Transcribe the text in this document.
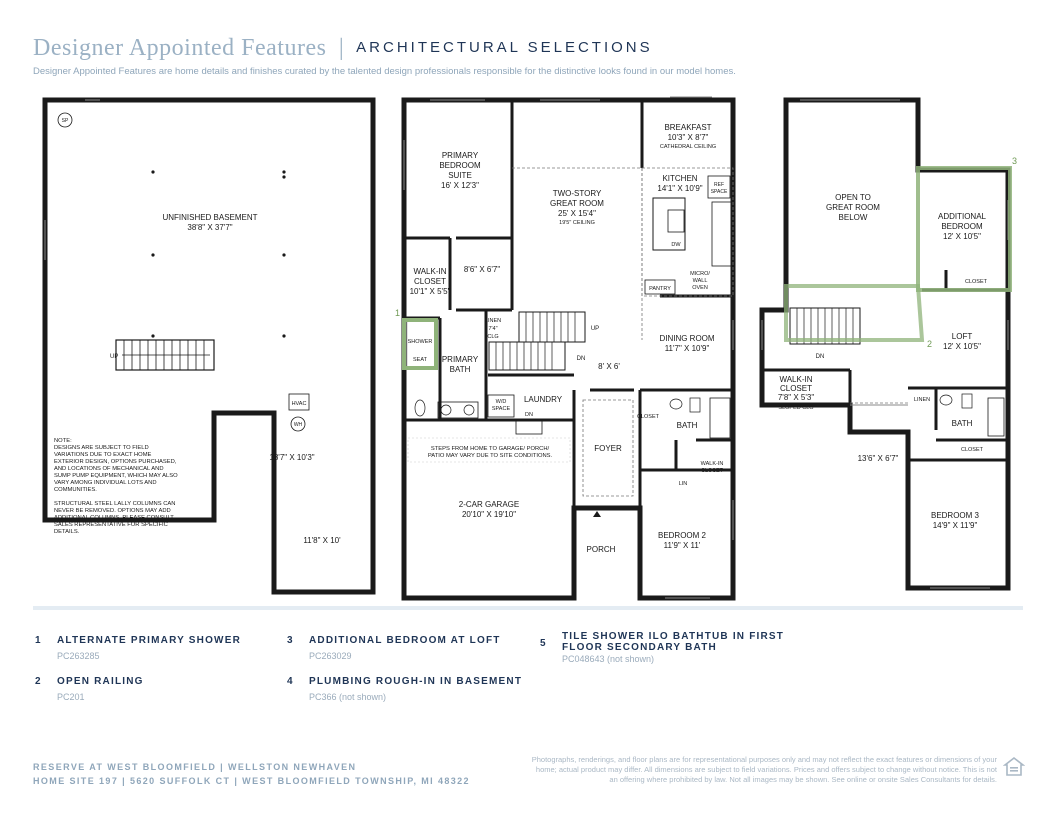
Designer Appointed Features | ARCHITECTURAL SELECTIONS
Designer Appointed Features are home details and finishes curated by the talented design professionals responsible for the distinctive looks found in our model homes.
SP
UNFINISHED BASEMENT
38'8" X 37'7"
UP
HVAC
WH
18'7" X 10'3"
11'8" X 10'
NOTE:
DESIGNS ARE SUBJECT TO FIELD
VARIATIONS DUE TO EXACT HOME
EXTERIOR DESIGN, OPTIONS PURCHASED,
AND LOCATIONS OF MECHANICAL AND
SUMP PUMP EQUIPMENT, WHICH MAY ALSO
VARY AMONG INDIVIDUAL LOTS AND
COMMUNITIES.
STRUCTURAL STEEL LALLY COLUMNS CAN
NEVER BE REMOVED. OPTIONS MAY ADD
ADDITIONAL COLUMNS. PLEASE CONSULT
SALES REPRESENTATIVE FOR SPECIFIC
DETAILS.
1
PRIMARY
BEDROOM
SUITE
16' X 12'3"
TWO-STORY
GREAT ROOM
25' X 15'4"
19'5" CEILING
BREAKFAST
10'3" X 8'7"
CATHEDRAL CEILING
KITCHEN
14'1" X 10'9" REF
SPACE
DW
MICRO/
WALL
OVEN
PANTRY
WALK-IN
CLOSET
10'1" X 5'5"
8'6" X 6'7"
LINEN
7'4"
CLG
UP
DN
SHOWER
SEAT PRIMARY
BATH
DINING ROOM
11'7" X 10'9"
8' X 6'
W/D
SPACE
LAUNDRY
DN	CLOSET
BATH
STEPS FROM HOME TO GARAGE/ PORCH/
PATIO MAY VARY DUE TO SITE CONDITIONS.
FOYER
WALK-IN
CLOSET
LIN
2-CAR GARAGE
20'10" X 19'10"
PORCH
BEDROOM 2
11'9" X 11'
3
2
OPEN TO
GREAT ROOM
BELOW	ADDITIONAL
BEDROOM
12' X 10'5"
CLOSET
LOFT
12' X 10'5"
DN
WALK-IN
CLOSET
7'8" X 5'3"
SLOPED CLG
LINEN
BATH
CLOSET
13'6" X 6'7"
BEDROOM 3
14'9" X 11'9"
1 ALTERNATE PRIMARY SHOWER
PC263285
2 OPEN RAILING
PC201
3 ADDITIONAL BEDROOM AT LOFT
PC263029
4 PLUMBING ROUGH-IN IN BASEMENT
PC366 (not shown)
5
TILE SHOWER ILO BATHTUB IN FIRST
FLOOR SECONDARY BATH
PC048643 (not shown)
RESERVE AT WEST BLOOMFIELD | WELLSTON NEWHAVEN
HOME SITE 197 | 5620 SUFFOLK CT | WEST BLOOMFIELD TOWNSHIP, MI 48322
Photographs, renderings, and floor plans are for representational purposes only and may not reflect the exact features or dimensions of your home; actual product may differ. All dimensions are subject to field variations. Prices and offers subject to change without notice. This is not an offering where prohibited by law. Not all images may be shown. See online or onsite Sales Consultants for details.
